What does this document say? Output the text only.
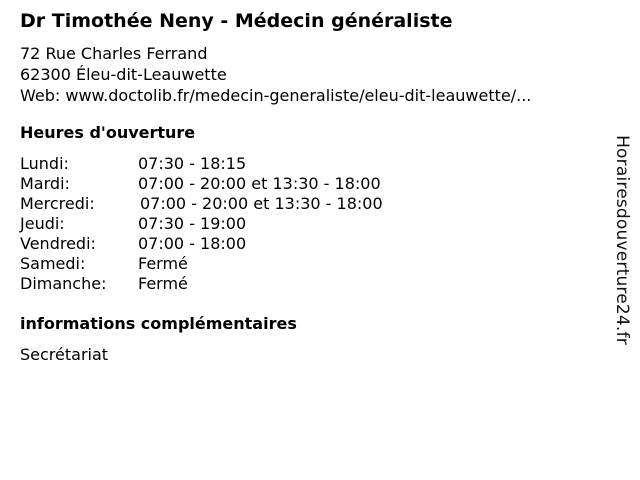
Dr Timothée Neny - Médecin généraliste
72 Rue Charles Ferrand
62300 Éleu-dit-Leauwette
Web: www.doctolib.fr/medecin-generaliste/eleu-dit-leauwette/...
Heures d'ouverture
Lundi:	07:30 - 18:15
Mardi:	07:00 - 20:00 et 13:30 - 18:00
Mercredi:	07:00 - 20:00 et 13:30 - 18:00
Jeudi:	07:30 - 19:00
Vendredi:	07:00 - 18:00
Samedi:	Fermé
Dimanche: Fermé
informations complémentaires
Secrétariat
Horairesdouverture24.fr
